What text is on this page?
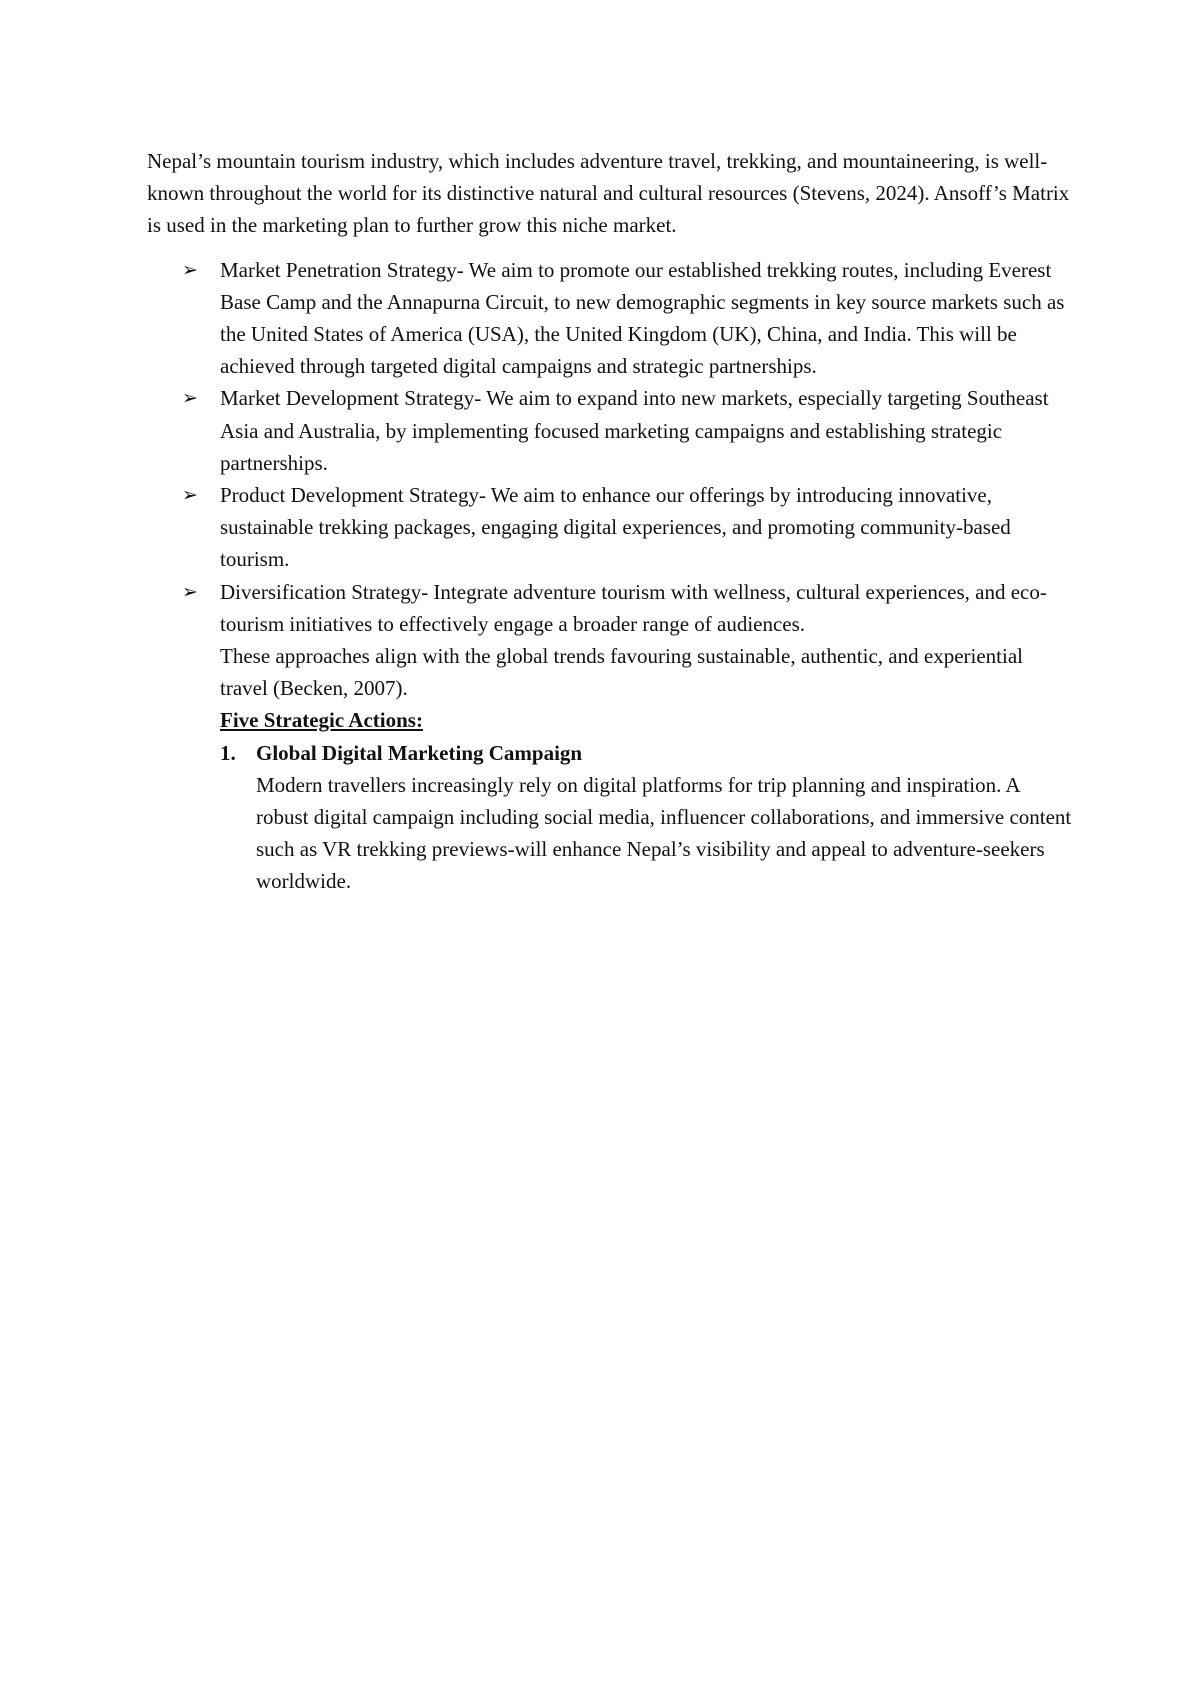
Nepal’s mountain tourism industry, which includes adventure travel, trekking, and mountaineering, is well-known throughout the world for its distinctive natural and cultural resources (Stevens, 2024). Ansoff’s Matrix is used in the marketing plan to further grow this niche market.

➢ Market Penetration Strategy- We aim to promote our established trekking routes, including Everest Base Camp and the Annapurna Circuit, to new demographic segments in key source markets such as the United States of America (USA), the United Kingdom (UK), China, and India. This will be achieved through targeted digital campaigns and strategic partnerships.
➢ Market Development Strategy- We aim to expand into new markets, especially targeting Southeast Asia and Australia, by implementing focused marketing campaigns and establishing strategic partnerships.
➢ Product Development Strategy- We aim to enhance our offerings by introducing innovative, sustainable trekking packages, engaging digital experiences, and promoting community-based tourism.
➢ Diversification Strategy- Integrate adventure tourism with wellness, cultural experiences, and eco-tourism initiatives to effectively engage a broader range of audiences.

These approaches align with the global trends favouring sustainable, authentic, and experiential travel (Becken, 2007).

Five Strategic Actions:

1. Global Digital Marketing Campaign
Modern travellers increasingly rely on digital platforms for trip planning and inspiration. A robust digital campaign including social media, influencer collaborations, and immersive content such as VR trekking previews-will enhance Nepal’s visibility and appeal to adventure-seekers worldwide.
